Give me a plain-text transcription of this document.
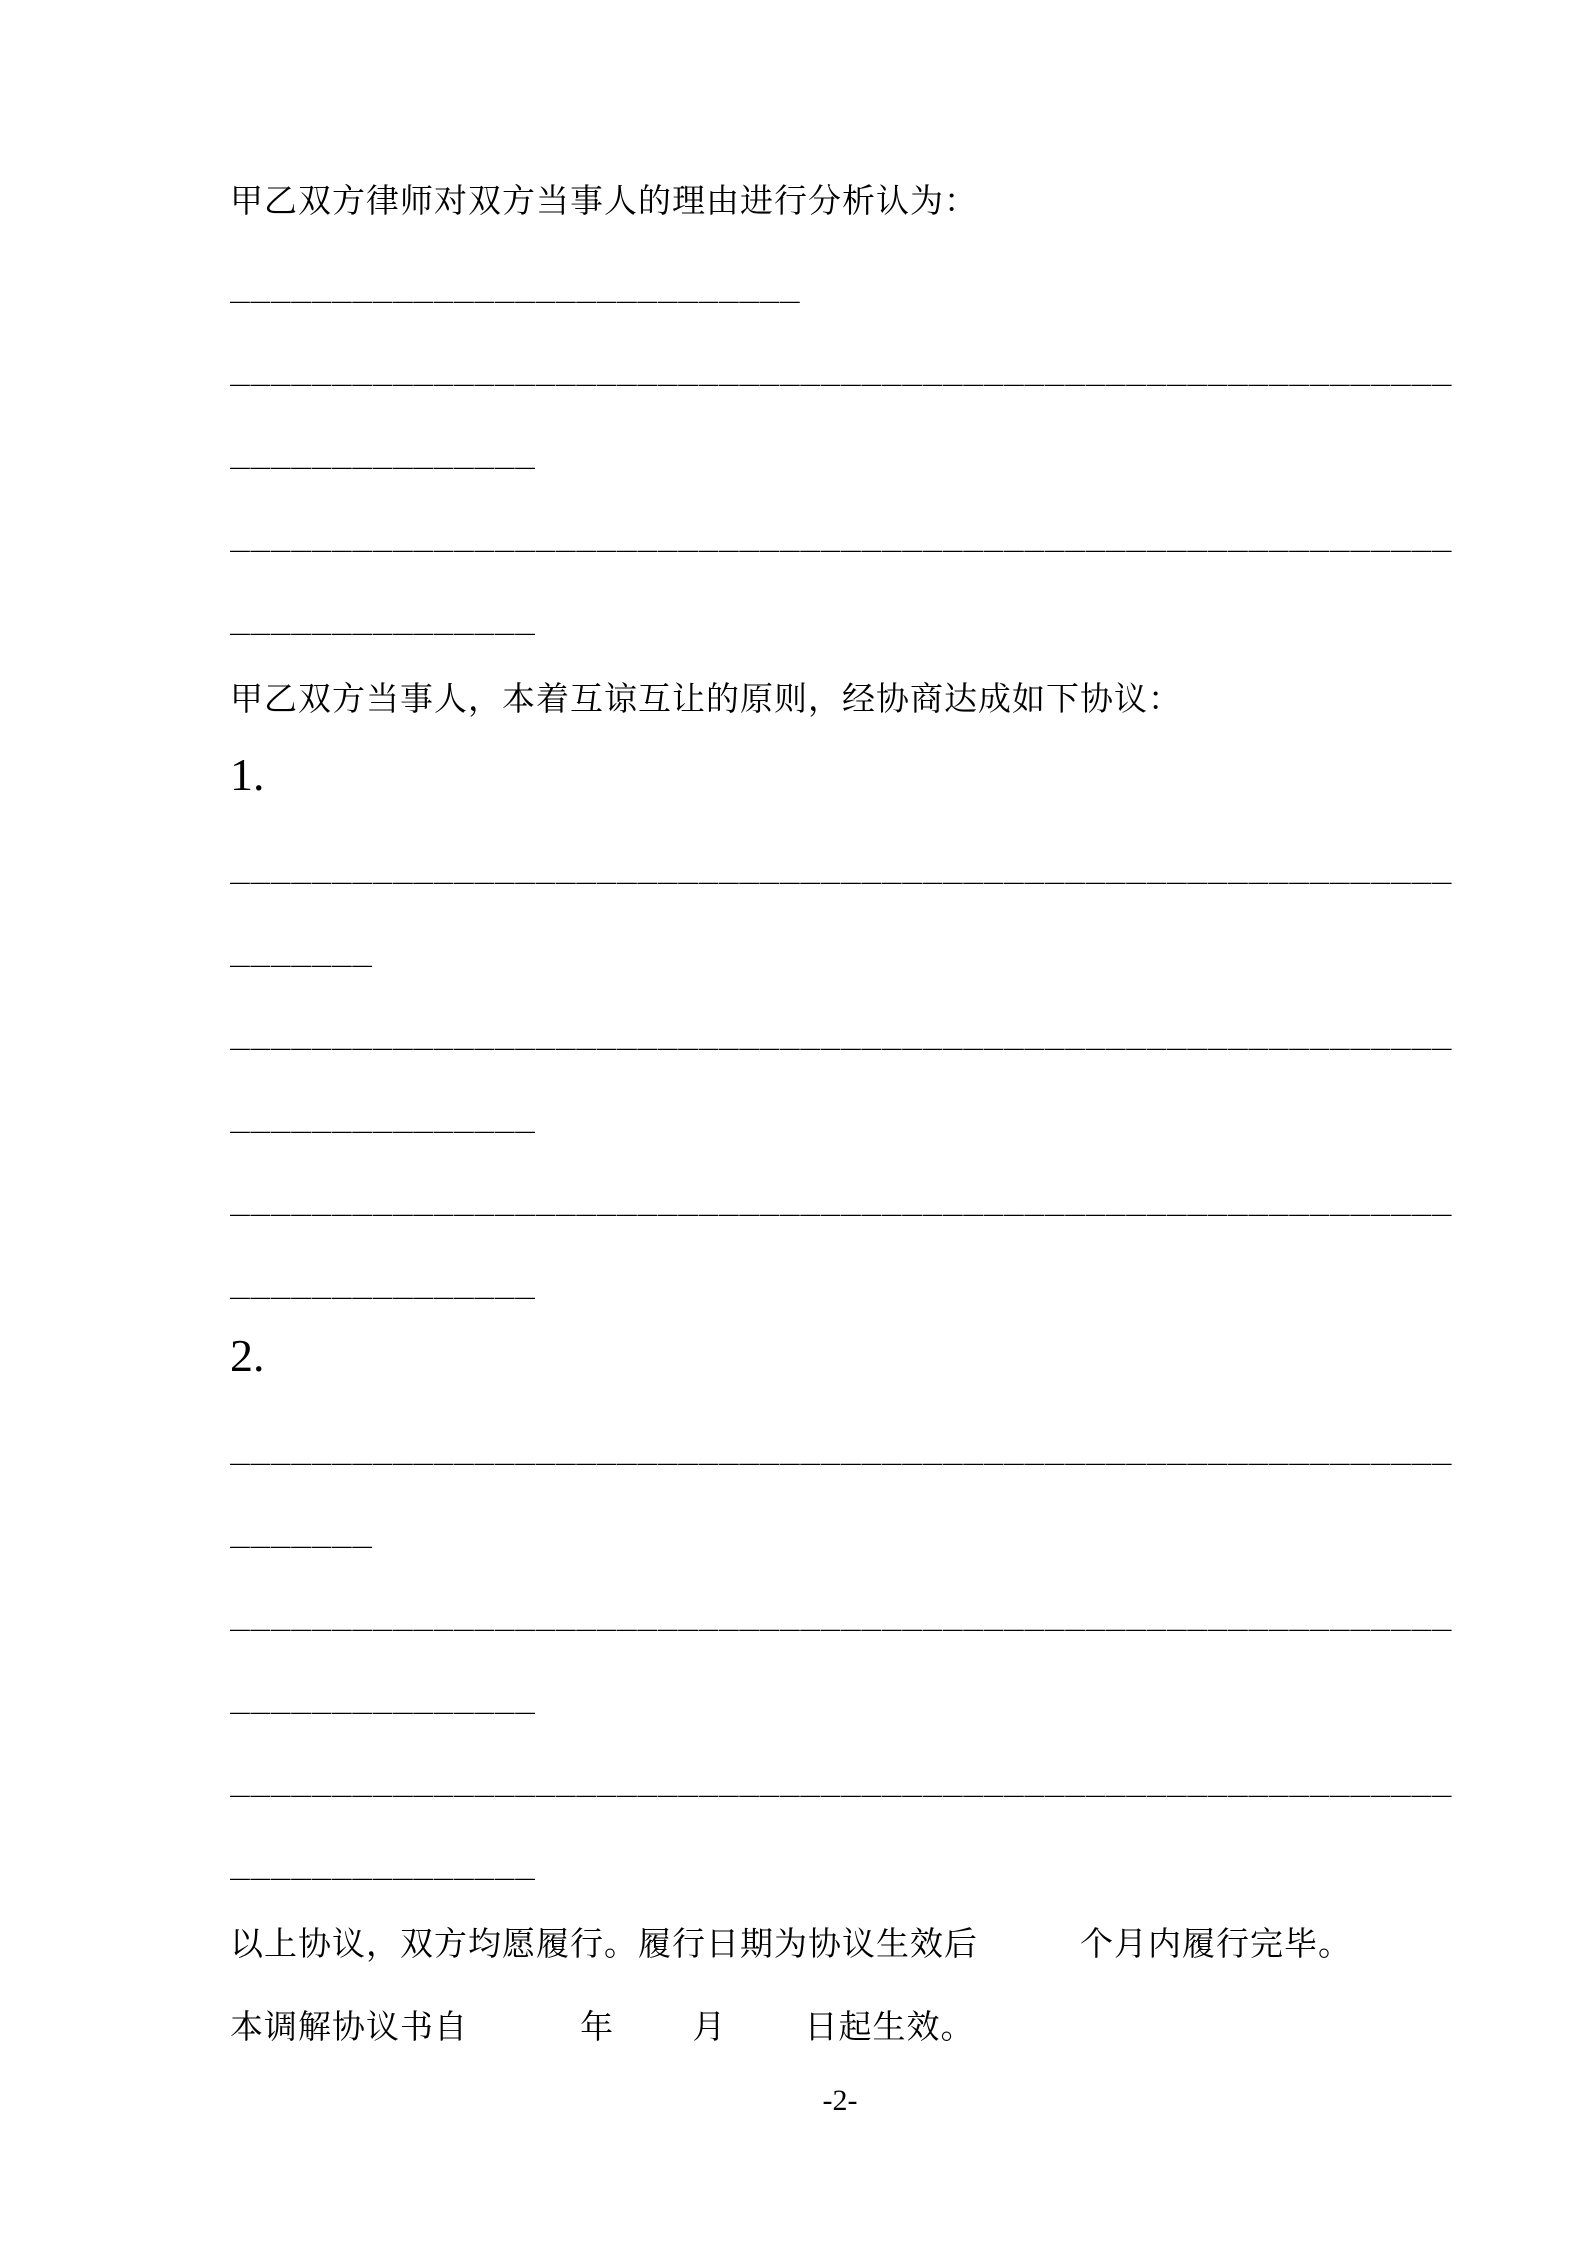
甲乙双方律师对双方当事人的理由进行分析认为：
____________________________
____________________________________________________________
_______________
____________________________________________________________
_______________
甲乙双方当事人，本着互谅互让的原则，经协商达成如下协议：
1.
____________________________________________________________
_______
____________________________________________________________
_______________
____________________________________________________________
_______________
2.
____________________________________________________________
_______
____________________________________________________________
_______________
____________________________________________________________
_______________
以上协议，双方均愿履行。履行日期为协议生效后　　　个月内履行完毕。
本调解协议书自　　　 年　　 月　　 日起生效。
-2-
